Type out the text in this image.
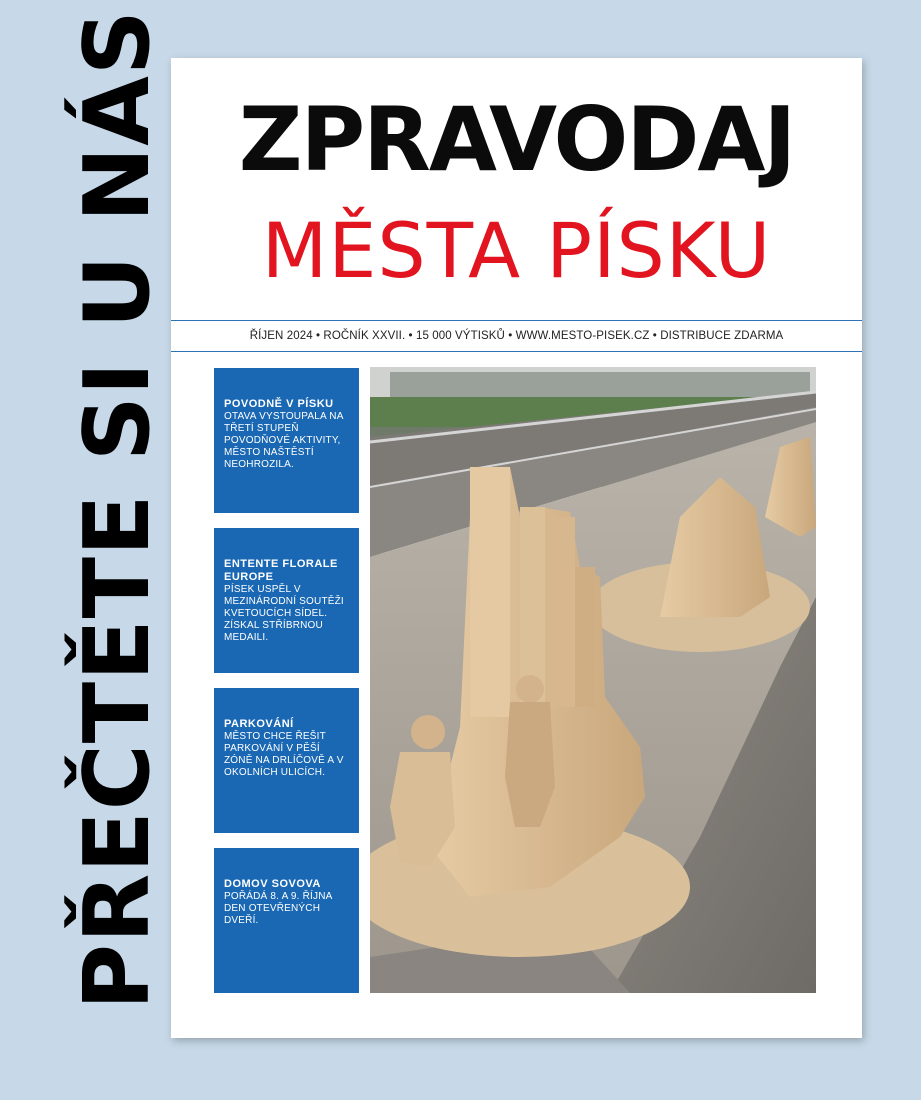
PŘEČTĚTE SI U NÁS ZPRAVODAJ
MĚSTA PÍSKU
ŘÍJEN 2024 • ROČNÍK XXVII. • 15 000 VÝTISKŮ • WWW.MESTO-PISEK.CZ • DISTRIBUCE ZDARMA
POVODNĚ V PÍSKU
OTAVA VYSTOUPALA NA TŘETÍ STUPEŇ POVODŇOVÉ AKTIVITY, MĚSTO NAŠTĚSTÍ NEOHROZILA.
ENTENTE FLORALE EUROPE
PÍSEK USPĚL V MEZINÁRODNÍ SOUTĚŽI KVETOUCÍCH SÍDEL. ZÍSKAL STŘÍBRNOU MEDAILI.
PARKOVÁNÍ
MĚSTO CHCE ŘEŠIT PARKOVÁNÍ V PĚŠÍ ZÓNĚ NA DRLÍČOVĚ A V OKOLNÍCH ULICÍCH.
DOMOV SOVOVA
POŘÁDÁ 8. A 9. ŘÍJNA DEN OTEVŘENÝCH DVEŘÍ.
